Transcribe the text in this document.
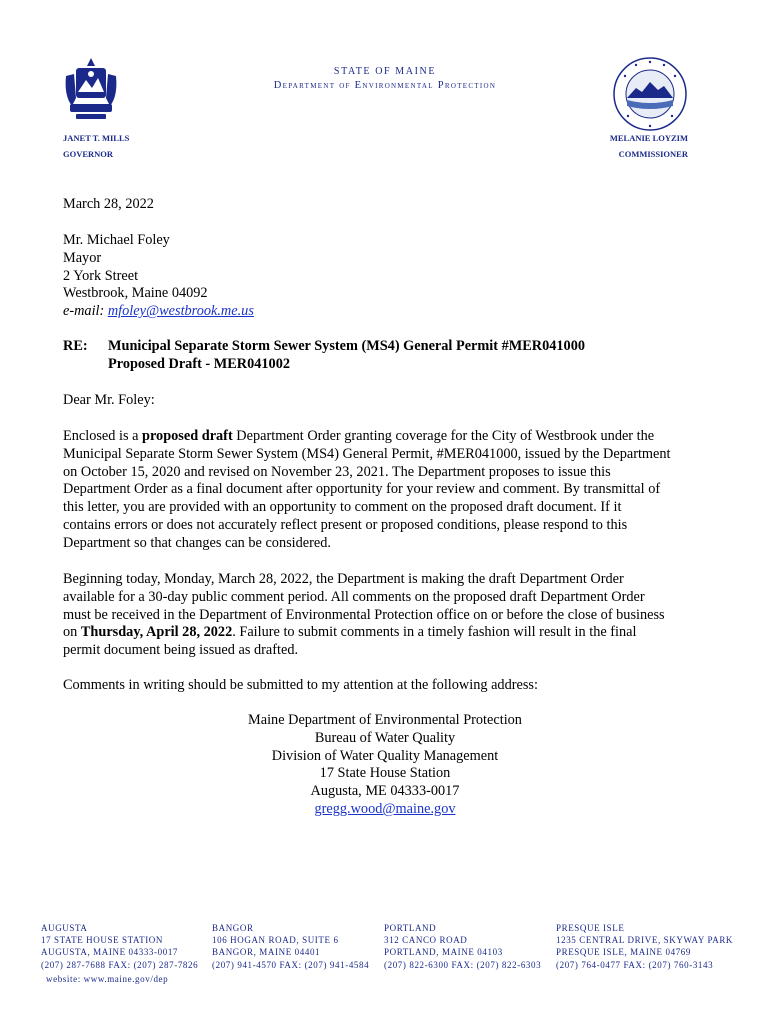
STATE OF MAINE
Department of Environmental Protection
JANET T. MILLS
GOVERNOR
MELANIE LOYZIM
COMMISSIONER
March 28, 2022
Mr. Michael Foley
Mayor
2 York Street
Westbrook, Maine 04092
e-mail: mfoley@westbrook.me.us
RE: Municipal Separate Storm Sewer System (MS4) General Permit #MER041000
Proposed Draft - MER041002
Dear Mr. Foley:
Enclosed is a proposed draft Department Order granting coverage for the City of Westbrook under the
Municipal Separate Storm Sewer System (MS4) General Permit, #MER041000, issued by the Department
on October 15, 2020 and revised on November 23, 2021. The Department proposes to issue this
Department Order as a final document after opportunity for your review and comment. By transmittal of
this letter, you are provided with an opportunity to comment on the proposed draft document. If it
contains errors or does not accurately reflect present or proposed conditions, please respond to this
Department so that changes can be considered.
Beginning today, Monday, March 28, 2022, the Department is making the draft Department Order
available for a 30-day public comment period. All comments on the proposed draft Department Order
must be received in the Department of Environmental Protection office on or before the close of business
on Thursday, April 28, 2022. Failure to submit comments in a timely fashion will result in the final
permit document being issued as drafted.
Comments in writing should be submitted to my attention at the following address:
Maine Department of Environmental Protection
Bureau of Water Quality
Division of Water Quality Management
17 State House Station
Augusta, ME 04333-0017
gregg.wood@maine.gov
AUGUSTA
17 STATE HOUSE STATION
AUGUSTA, MAINE 04333-0017
(207) 287-7688 FAX: (207) 287-7826
BANGOR
106 HOGAN ROAD, SUITE 6
BANGOR, MAINE 04401
(207) 941-4570 FAX: (207) 941-4584
PORTLAND
312 CANCO ROAD
PORTLAND, MAINE 04103
(207) 822-6300 FAX: (207) 822-6303
PRESQUE ISLE
1235 CENTRAL DRIVE, SKYWAY PARK
PRESQUE ISLE, MAINE 04769
(207) 764-0477 FAX: (207) 760-3143
website: www.maine.gov/dep
